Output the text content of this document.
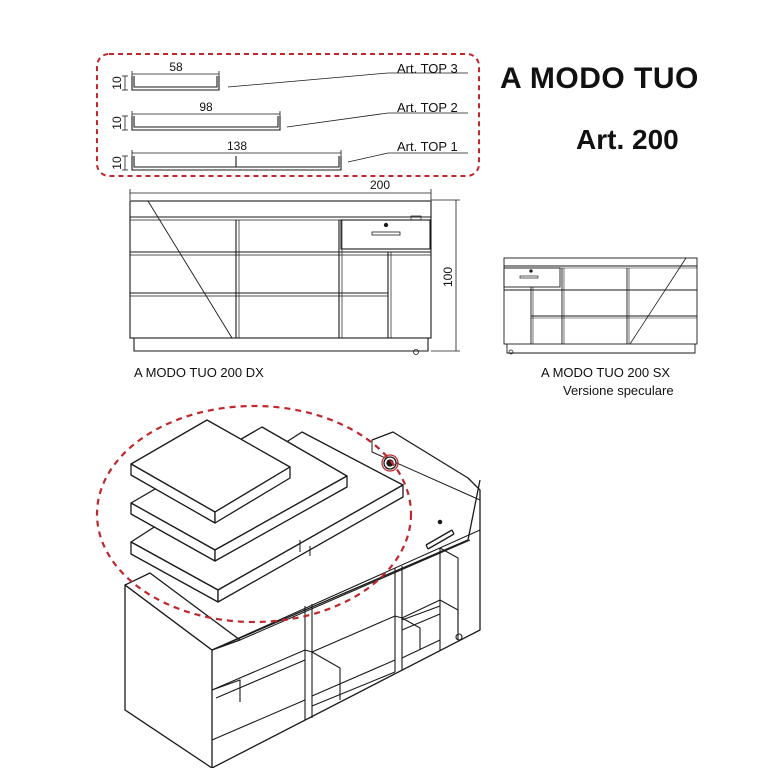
58
98
138
10
10
10
Art. TOP 3
Art. TOP 2
Art. TOP 1
200
100
A MODO TUO
Art. 200
A MODO TUO 200 DX	A MODO TUO 200 SX
Versione speculare
